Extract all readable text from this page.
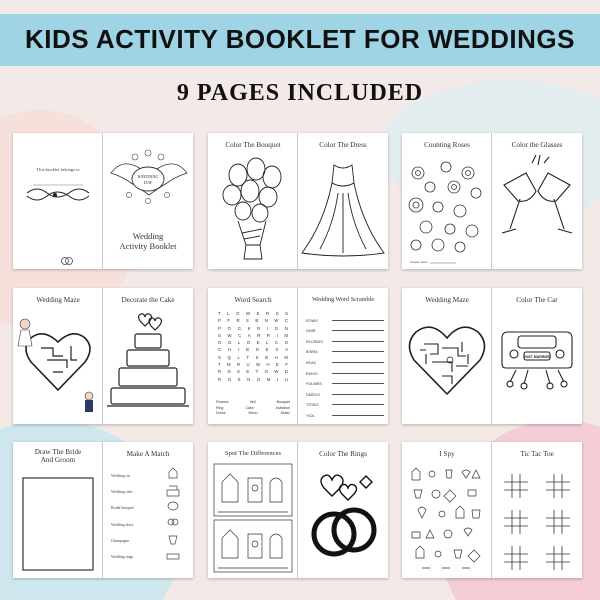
KIDS ACTIVITY BOOKLET FOR WEDDINGS
9 PAGES INCLUDED
This booklet belongs to
WEDDING
DAY
Wedding
Activity Booklet
Color The Bouquet	Color The Dress	Counting Roses
Answer Here:
Color the Glasses
Wedding Maze	Decorate the Cake	Word Search
T L O W E R S S
P F R S B N W C
P O G K R I G N
S W C A R R I M
O G L O E L C O
C H I B N E S A
S Q L T S B H M
T M R U W H E F
R N S E T O W D
R O S N O M I U
Flowers	Veil	Bouquet
Ring	Cake	Invitation
Dress	Menu	Music
Wedding Word Scramble
EOWV
GNIR
EKCRDIS
IENRA
KEAC
EWOS
FOLWES
DNEGO
TSTAO
YIOL
Wedding Maze	Color The Car
JUST MARRIED
Draw The Bride
And Groom
Make A Match
Wedding car
Wedding cake
Bridal bouquet
Wedding dress
Champagne
Wedding rings
Spot The Differences	Color The Rings	I Spy	Tic Tac Toe
